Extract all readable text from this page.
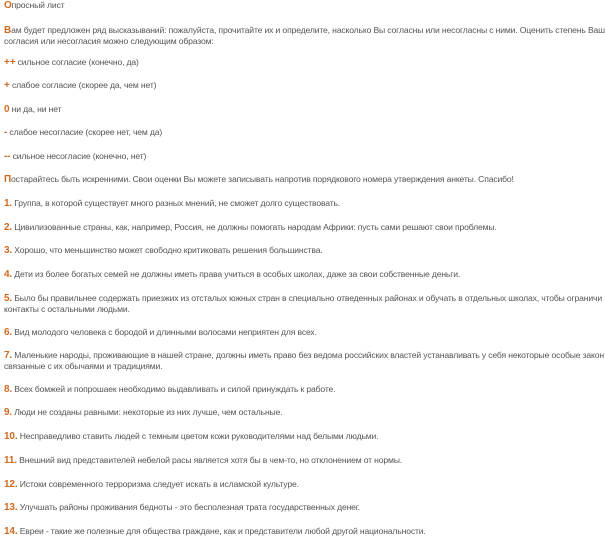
Опросный лист
Вам будет предложен ряд высказываний: пожалуйста, прочитайте их и определите, насколько Вы согласны или несогласны с ними. Оценить степень Ваш
согласия или несогласия можно следующим образом:
++ сильное согласие (конечно, да)
+ слабое согласие (скорее да, чем нет)
0 ни да, ни нет
- слабое несогласие (скорее нет, чем да)
-- сильное несогласие (конечно, нет)
Постарайтесь быть искренними. Свои оценки Вы можете записывать напротив порядкового номера утверждения анкеты. Спасибо!
1. Группа, в которой существует много разных мнений, не сможет долго существовать.
2. Цивилизованные страны, как, например, Россия, не должны помогать народам Африки: пусть сами решают свои проблемы.
3. Хорошо, что меньшинство может свободно критиковать решения большинства.
4. Дети из более богатых семей не должны иметь права учиться в особых школах, даже за свои собственные деньги.
5. Было бы правильнее содержать приезжих из отсталых южных стран в специально отведенных районах и обучать в отдельных школах, чтобы ограничи
контакты с остальными людьми.
6. Вид молодого человека с бородой и длинными волосами неприятен для всех.
7. Маленькие народы, проживающие в нашей стране, должны иметь право без ведома российских властей устанавливать у себя некоторые особые закон
связанные с их обычаями и традициями.
8. Всех бомжей и попрошаек необходимо выдавливать и силой принуждать к работе.
9. Люди не созданы равными: некоторые из них лучше, чем остальные.
10. Несправедливо ставить людей с темным цветом кожи руководителями над белыми людьми.
11. Внешний вид представителей небелой расы является хотя бы в чем-то, но отклонением от нормы.
12. Истоки современного терроризма следует искать в исламской культуре.
13. Улучшать районы проживания бедноты - это бесполезная трата государственных денег.
14. Евреи - такие же полезные для общества граждане, как и представители любой другой национальности.
